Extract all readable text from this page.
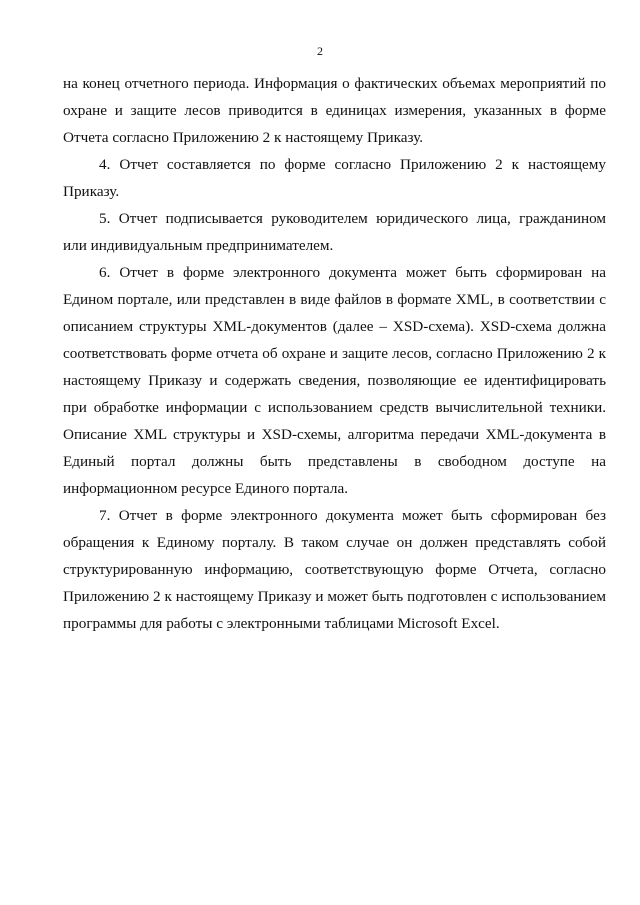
2

на конец отчетного периода. Информация о фактических объемах мероприятий по охране и защите лесов приводится в единицах измерения, указанных в форме Отчета согласно Приложению 2 к настоящему Приказу.

4. Отчет составляется по форме согласно Приложению 2 к настоящему Приказу.

5. Отчет подписывается руководителем юридического лица, гражданином или индивидуальным предпринимателем.

6. Отчет в форме электронного документа может быть сформирован на Едином портале, или представлен в виде файлов в формате XML, в соответствии с описанием структуры XML-документов (далее – XSD-схема). XSD-схема должна соответствовать форме отчета об охране и защите лесов, согласно Приложению 2 к настоящему Приказу и содержать сведения, позволяющие ее идентифицировать при обработке информации с использованием средств вычислительной техники. Описание XML структуры и XSD-схемы, алгоритма передачи XML-документа в Единый портал должны быть представлены в свободном доступе на информационном ресурсе Единого портала.

7. Отчет в форме электронного документа может быть сформирован без обращения к Единому порталу. В таком случае он должен представлять собой структурированную информацию, соответствующую форме Отчета, согласно Приложению 2 к настоящему Приказу и может быть подготовлен с использованием программы для работы с электронными таблицами Microsoft Excel.
